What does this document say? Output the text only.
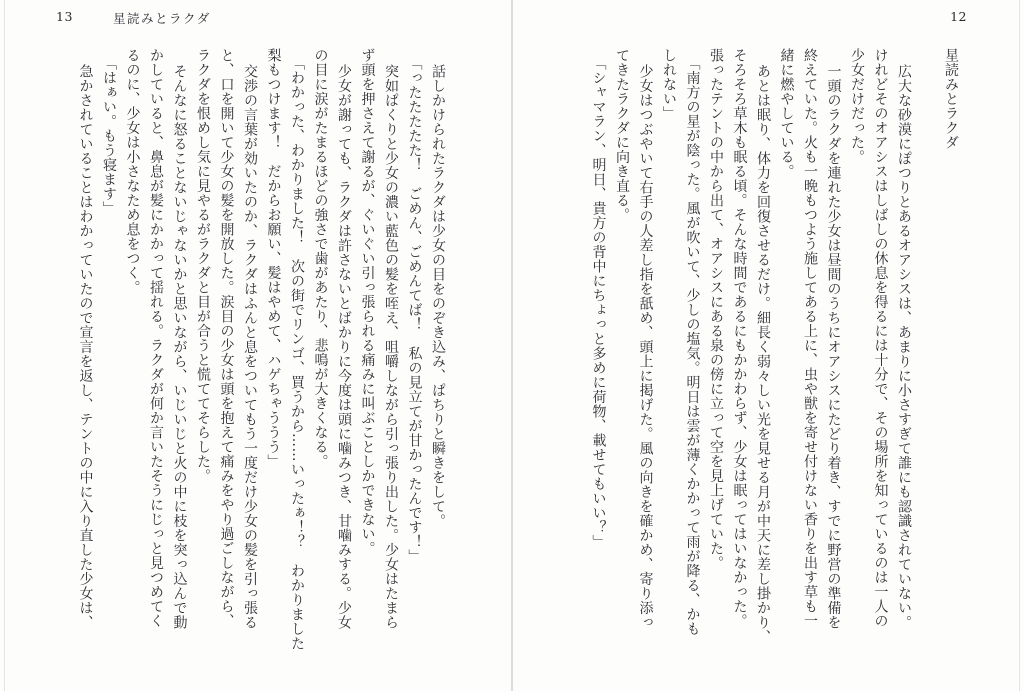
12
星読みとラクダ
広大な砂漠にぽつりとあるオアシスは、あまりに小さすぎて誰にも認識されていない。
けれどそのオアシスはしばしの休息を得るには十分で、その場所を知っているのは一人の
少女だけだった。
一頭のラクダを連れた少女は昼間のうちにオアシスにたどり着き、すでに野営の準備を
終えていた。火も一晩もつよう施してある上に、虫や獣を寄せ付けない香りを出す草も一
緒に燃やしている。
あとは眠り、体力を回復させるだけ。細長く弱々しい光を見せる月が中天に差し掛かり、
そろそろ草木も眠る頃。そんな時間であるにもかかわらず、少女は眠ってはいなかった。
張ったテントの中から出て、オアシスにある泉の傍に立って空を見上げていた。
「南方の星が陰った。風が吹いて、少しの塩気。明日は雲が薄くかかって雨が降る、かも
しれない」
少女はつぶやいて右手の人差し指を舐め、頭上に掲げた。風の向きを確かめ、寄り添っ
てきたラクダに向き直る。
「シャマラン、明日、貴方の背中にちょっと多めに荷物、載せてもいい？」
13	星読みとラクダ
話しかけられたラクダは少女の目をのぞき込み、ぱちりと瞬きをして。
「ったたたたた！　ごめん、ごめんてば！　私の見立てが甘かったんです！」
突如ぱくりと少女の濃い藍色の髪を咥え、咀嚼しながら引っ張り出した。少女はたまら
ず頭を押さえて謝るが、ぐいぐい引っ張られる痛みに叫ぶことしかできない。
少女が謝っても、ラクダは許さないとばかりに今度は頭に噛みつき、甘噛みする。少女
の目に涙がたまるほどの強さで歯があたり、悲鳴が大きくなる。
「わかった、わかりました！　次の街でリンゴ、買うから……いったぁ！？　わかりました
梨もつけます！　だからお願い、髪はやめて、ハゲちゃううう」
交渉の言葉が効いたのか、ラクダはふんと息をついてもう一度だけ少女の髪を引っ張る
と、口を開いて少女の髪を開放した。涙目の少女は頭を抱えて痛みをやり過ごしながら、
ラクダを恨めし気に見やるがラクダと目が合うと慌ててそらした。
そんなに怒ることないじゃないかと思いながら、いじいじと火の中に枝を突っ込んで動
かしていると、鼻息が髪にかかって揺れる。ラクダが何か言いたそうにじっと見つめてく
るのに、少女は小さなため息をつく。
「はぁい。もう寝ます」
急かされていることはわかっていたので宣言を返し、テントの中に入り直した少女は、
